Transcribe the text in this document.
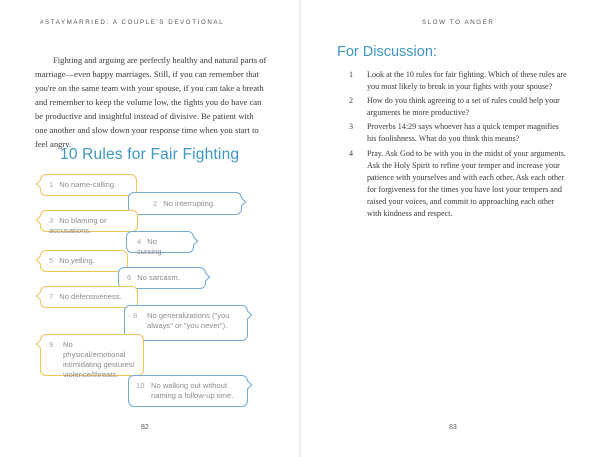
#STAYMARRIED: A COUPLE'S DEVOTIONAL

Fighting and arguing are perfectly healthy and natural parts of marriage—even happy marriages. Still, if you can remember that you're on the same team with your spouse, if you can take a breath and remember to keep the volume low, the fights you do have can be productive and insightful instead of divisive. Be patient with one another and slow down your response time when you start to feel angry.

10 Rules for Fair Fighting
1 No name-calling.
2 No interrupting.
3 No blaming or accusations.
4 No cursing.
5 No yelling.
6 No sarcasm.
7 No defensiveness.
8 No generalizations ("you always" or "you never").
9 No physical/emotional intimidating gestures/ violence/threats.
10 No walking out without naming a follow-up time.
82
SLOW TO ANGER
For Discussion:
1 Look at the 10 rules for fair fighting. Which of these rules are you most likely to break in your fights with your spouse?
2 How do you think agreeing to a set of rules could help your arguments be more productive?
3 Proverbs 14:29 says whoever has a quick temper magnifies his foolishness. What do you think this means?
4 Pray. Ask God to be with you in the midst of your arguments. Ask the Holy Spirit to refine your temper and increase your patience with yourselves and with each other. Ask each other for forgiveness for the times you have lost your tempers and raised your voices, and commit to approaching each other with kindness and respect.
83
